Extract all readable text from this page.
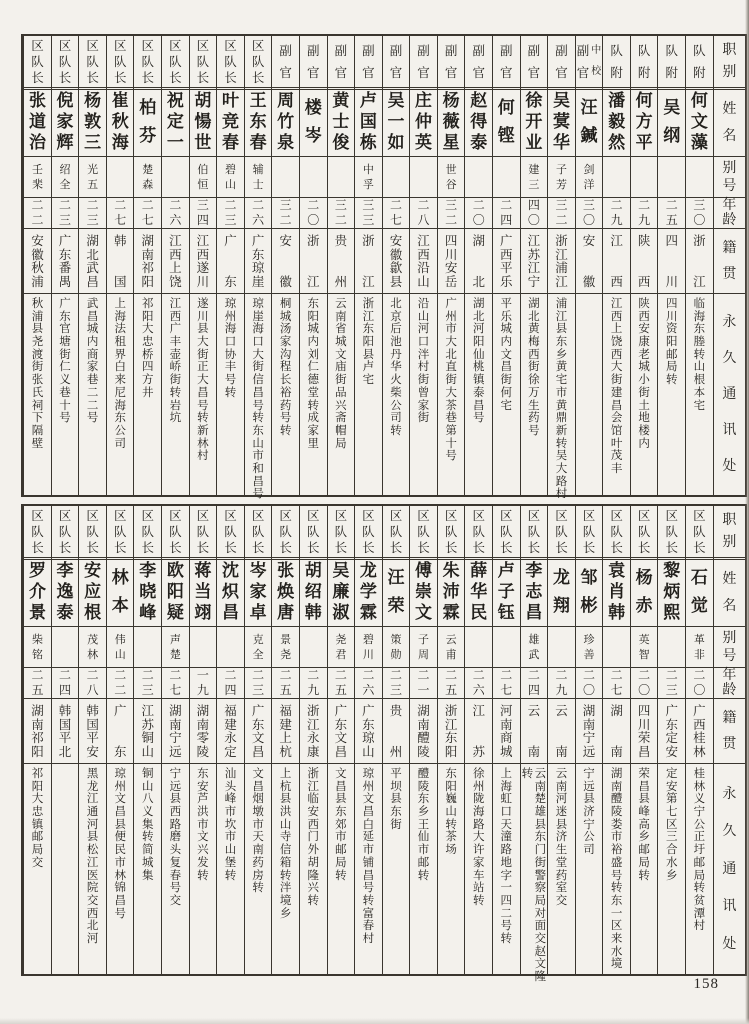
职
别
姓
名
别
号
年
龄
籍
贯
永
久
通
讯
处
队
附
何
文
藻
三
〇
浙
江
临
海
东
塍
转
山
根
本
宅
队
附
吴
纲
二
五
四
川
四
川
资
阳
邮
局
转
队
附
何
方
平
二
九
陕
西
陕
西
安
康
老
城
小
街
土
地
楼
内
队
附
潘
毅
然
二
九
江
西
江
西
上
饶
西
大
街
建
昌
会
馆
叶
茂
丰
中
校
副
官
汪
鍼
剑
洋
三
〇
安
徽
副
官
吴
蓂
华
子
芳
三
二
浙
江
浦
江
浦
江
县
东
乡
黄
宅
市
黄
鼎
新
转
吴
大
路
村
副
官
徐
开
业
建
三
四
〇
江
苏
江
宁
湖
北
黄
梅
西
街
徐
万
生
药
号
副
官
何
铿
二
四
广
西
平
乐
平
乐
城
内
文
昌
街
何
宅
副
官
赵
得
泰
二
〇
湖
北
湖
北
河
阳
仙
桃
镇
泰
昌
号
副
官
杨
薇
星
世
谷
三
二
四
川
安
岳
广
州
市
大
北
直
街
大
茶
巷
第
十
号
副
官
庄
仲
英
二
八
江
西
沿
山
沿
山
河
口
泮
村
街
曾
家
街
副
官
吴
一
如
二
七
安
徽
歙
县
北
京
后
池
丹
华
火
柴
公
司
转
副
官
卢
国
栋
中
孚
三
三
浙
江
浙
江
东
阳
县
卢
宅
副
官
黄
士
俊
三
二
贵
州
云
南
省
城
文
庙
街
品
兴
斋
帽
局
副
官
楼
岑
二
〇
浙
江
东
阳
城
内
刘
仁
德
堂
转
成
家
里
副
官
周
竹
泉
三
二
安
徽
桐
城
汤
家
沟
程
长
裕
药
号
转
区
队
长
王
东
春
辅
士
二
六
广
东
琼
崖
琼
崖
海
口
大
街
信
昌
号
转
东
山
市
和
昌
号
区
队
长
叶
竞
春
碧
山
二
三
广
东
琼
州
海
口
协
丰
号
转
区
队
长
胡
愓
世
伯
恒
三
四
江
西
遂
川
遂
川
县
大
街
正
大
昌
号
转
新
林
村
区
队
长
祝
定
一
二
六
江
西
上
饶
江
西
广
丰
壶
峤
街
转
岩
坑
区
队
长
柏
芬
楚
森
二
七
湖
南
祁
阳
祁
阳
大
忠
桥
四
方
井
区
队
长
崔
秋
海
二
七
韩
国
上
海
法
租
界
白
来
尼
海
东
公
司
区
队
长
杨
敦
三
光
五
二
三
湖
北
武
昌
武
昌
城
内
商
家
巷
二
二
号
区
队
长
倪
家
辉
绍
全
二
三
广
东
番
禺
广
东
官
塘
街
仁
义
巷
十
号
区
队
长
张
道
治
壬
棐
二
二
安
徽
秋
浦
秋
浦
县
尧
渡
街
张
氏
祠
下
隔
壁
职
别
姓
名
别
号
年
龄
籍
贯
永
久
通
讯
处
区
队
长
石
觉
革
非
二
〇
广
西
桂
林
桂
林
义
宁
公
正
圩
邮
局
转
贫
潭
村
区
队
长
黎
炳
熙
二
三
广
东
定
安
定
安
第
七
区
三
合
水
乡
区
队
长
杨
赤
英
智
二
〇
四
川
荣
昌
荣
昌
县
峰
高
乡
邮
局
转
区
队
长
袁
肖
韩
二
七
湖
南
湖
南
醴
陵
娄
市
裕
盛
号
转
东
一
区
来
水
境
区
队
长
邹
彬
珍
善
二
〇
湖
南
宁
远
宁
远
县
济
宁
公
司
区
队
长
龙
翔
二
九
云
南
云
南
河
迷
县
济
生
堂
药
室
交
区
队
长
李
志
昌
雄
武
二
四
云
南
云
南
楚
雄
县
东
门
街
警
察
局
对
面
交
赵
文
隆
转
区
队
长
卢
子
钰
二
七
河
南
商
城
上
海
虹
口
天
潼
路
地
字
一
四
二
号
转
区
队
长
薛
华
民
二
六
江
苏
徐
州
陇
海
路
大
许
家
车
站
转
区
队
长
朱
沛
霖
云
甫
二
五
浙
江
东
阳
东
阳
巍
山
转
茶
场
区
队
长
傅
崇
文
子
周
二
一
湖
南
醴
陵
醴
陵
东
乡
王
仙
市
邮
转
区
队
长
汪
荣
策
勋
二
三
贵
州
平
坝
县
东
街
区
队
长
龙
学
霖
碧
川
二
六
广
东
琼
山
琼
州
文
昌
白
延
市
铺
昌
号
转
富
春
村
区
队
长
吴
廉
淑
尧
君
二
五
广
东
文
昌
文
昌
县
东
郊
市
邮
局
转
区
队
长
胡
绍
韩
二
九
浙
江
永
康
浙
江
临
安
西
门
外
胡
隆
兴
转
区
队
长
张
焕
唐
景
尧
二
五
福
建
上
杭
上
杭
县
洪
山
寺
信
箱
转
泮
境
乡
区
队
长
岑
家
卓
克
全
二
三
广
东
文
昌
文
昌
烟
墩
市
天
南
药
房
转
区
队
长
沈
炽
昌
二
四
福
建
永
定
汕
头
峰
市
坎
市
山
堡
转
区
队
长
蒋
当
翊
一
九
湖
南
零
陵
东
安
芦
洪
市
文
兴
发
转
区
队
长
欧
阳
疑
声
楚
二
七
湖
南
宁
远
宁
远
县
西
路
磨
头
复
春
号
交
区
队
长
李
晓
峰
二
三
江
苏
铜
山
铜
山
八
义
集
转
简
城
集
区
队
长
林
本
伟
山
二
二
广
东
琼
州
文
昌
县
便
民
市
林
锦
昌
号
区
队
长
安
应
根
茂
林
二
八
韩
国
平
安
黑
龙
江
通
河
县
松
江
医
院
交
西
北
河
区
队
长
李
逸
泰
二
四
韩
国
平
北
区
队
长
罗
介
景
柴
铭
二
五
湖
南
祁
阳
祁
阳
大
忠
镇
邮
局
交
158
